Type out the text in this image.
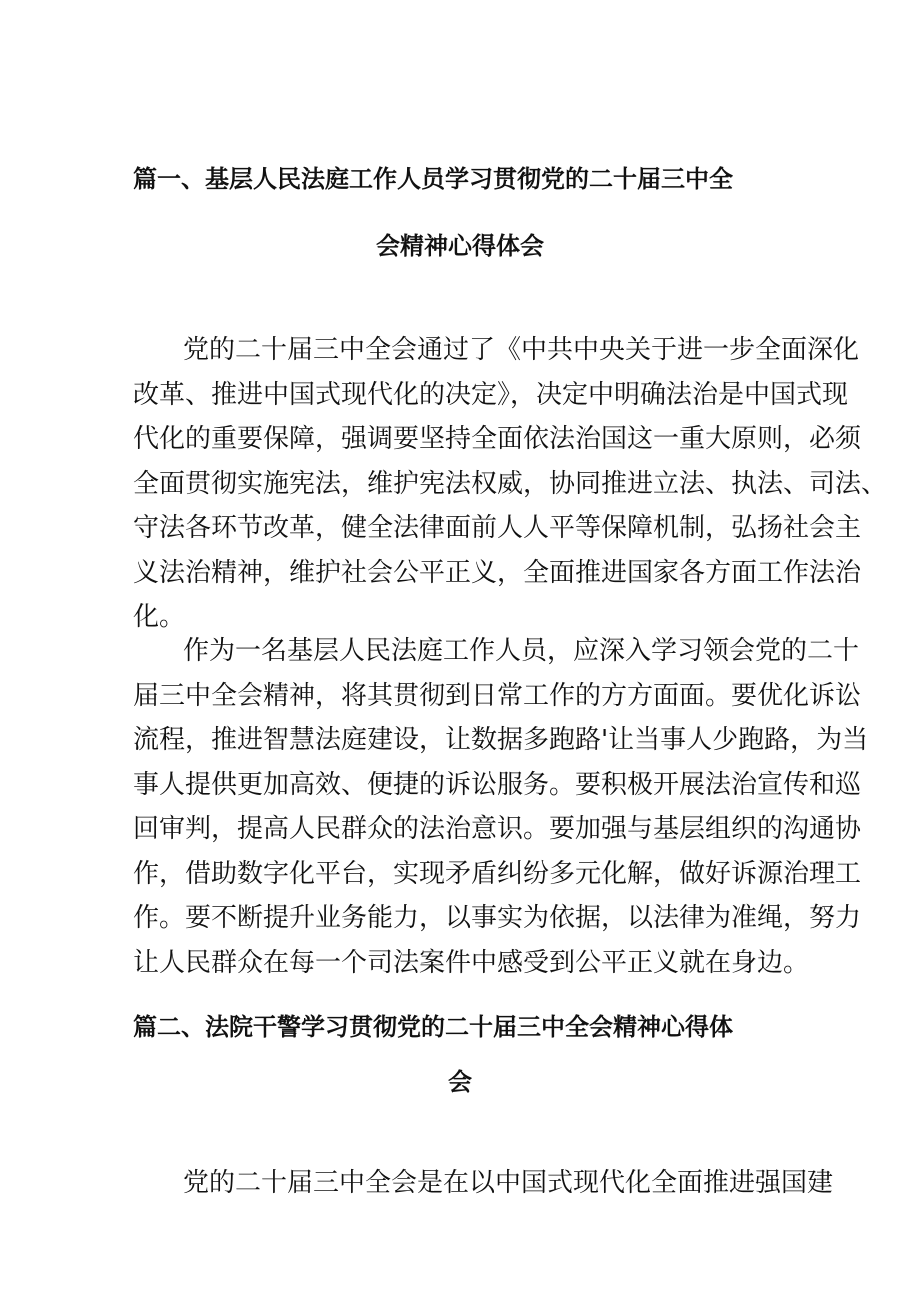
篇一、基层人民法庭工作人员学习贯彻党的二十届三中全
会精神心得体会
党的二十届三中全会通过了《中共中央关于进一步全面深化
改革、推进中国式现代化的决定》，决定中明确法治是中国式现
代化的重要保障，强调要坚持全面依法治国这一重大原则，必须
全面贯彻实施宪法，维护宪法权威，协同推进立法、执法、司法、
守法各环节改革，健全法律面前人人平等保障机制，弘扬社会主
义法治精神，维护社会公平正义，全面推进国家各方面工作法治
化。
作为一名基层人民法庭工作人员，应深入学习领会党的二十
届三中全会精神，将其贯彻到日常工作的方方面面。要优化诉讼
流程，推进智慧法庭建设，让数据多跑路'让当事人少跑路，为当
事人提供更加高效、便捷的诉讼服务。要积极开展法治宣传和巡
回审判，提高人民群众的法治意识。要加强与基层组织的沟通协
作，借助数字化平台，实现矛盾纠纷多元化解，做好诉源治理工
作。要不断提升业务能力，以事实为依据，以法律为准绳，努力
让人民群众在每一个司法案件中感受到公平正义就在身边。
篇二、法院干警学习贯彻党的二十届三中全会精神心得体
会
党的二十届三中全会是在以中国式现代化全面推进强国建
